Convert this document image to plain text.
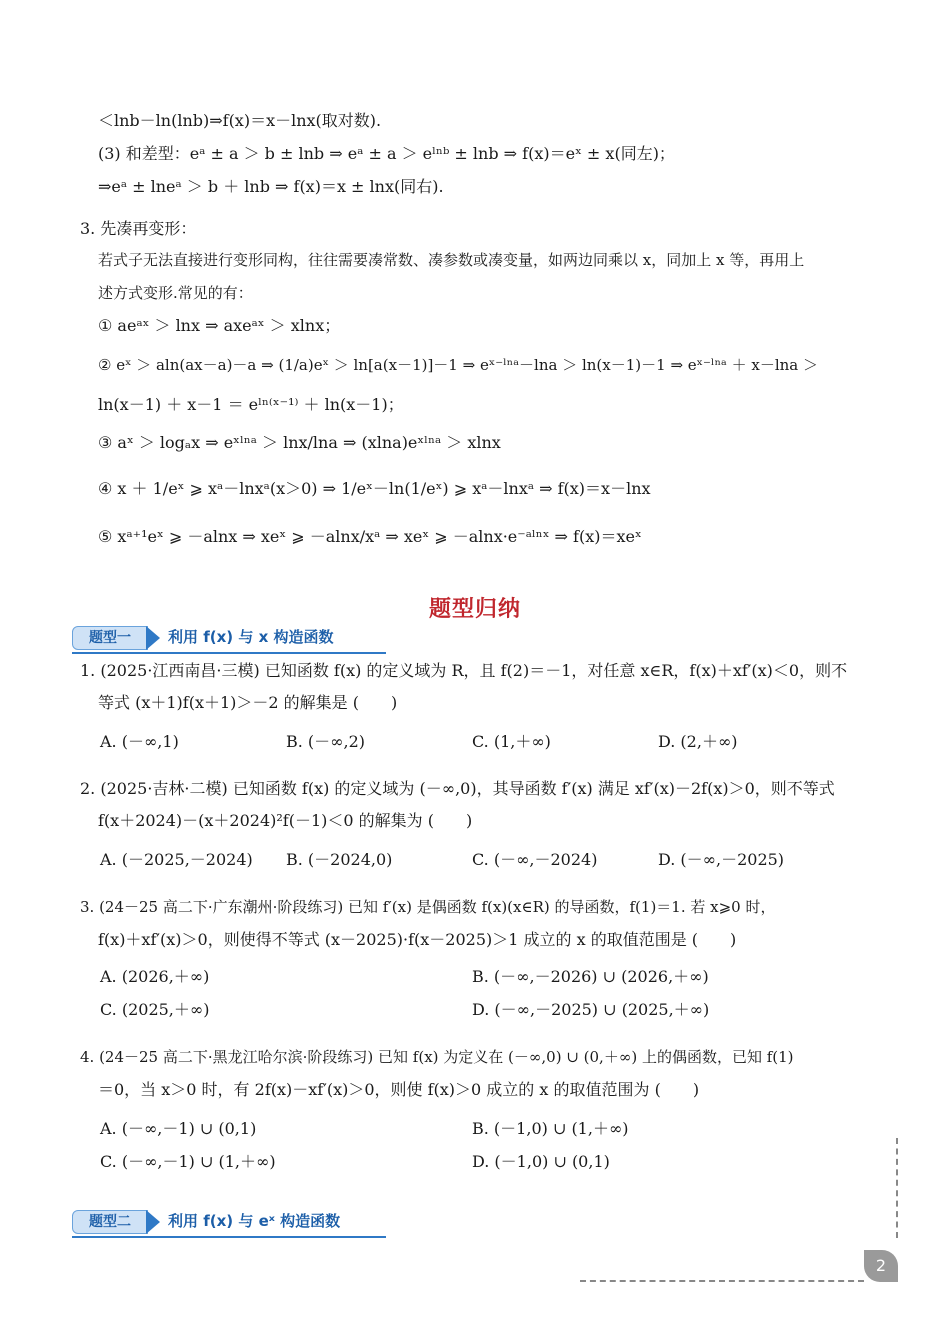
＜lnb－ln(lnb)⇒f(x)＝x－lnx(取对数).
(3) 和差型：eᵃ ± a ＞ b ± lnb ⇒ eᵃ ± a ＞ eˡⁿᵇ ± lnb ⇒ f(x)＝eˣ ± x(同左)；
⇒eᵃ ± lneᵃ ＞ b ＋ lnb ⇒ f(x)＝x ± lnx(同右).
3. 先凑再变形：
若式子无法直接进行变形同构，往往需要凑常数、凑参数或凑变量，如两边同乘以 x，同加上 x 等，再用上
述方式变形.常见的有：
① aeᵃˣ ＞ lnx ⇒ axeᵃˣ ＞ xlnx；
② eˣ ＞ aln(ax－a)－a ⇒ (1/a)eˣ ＞ ln[a(x－1)]－1 ⇒ eˣ⁻ˡⁿᵃ－lna ＞ ln(x－1)－1 ⇒ eˣ⁻ˡⁿᵃ ＋ x－lna ＞
ln(x－1) ＋ x－1 ＝ eˡⁿ⁽ˣ⁻¹⁾ ＋ ln(x－1)；
③ aˣ ＞ logₐx ⇒ eˣˡⁿᵃ ＞ lnx/lna ⇒ (xlna)eˣˡⁿᵃ ＞ xlnx
④ x ＋ 1/eˣ ⩾ xᵃ－lnxᵃ(x＞0) ⇒ 1/eˣ－ln(1/eˣ) ⩾ xᵃ－lnxᵃ ⇒ f(x)＝x－lnx
⑤ xᵃ⁺¹eˣ ⩾ －alnx ⇒ xeˣ ⩾ －alnx/xᵃ ⇒ xeˣ ⩾ －alnx·e⁻ᵃˡⁿˣ ⇒ f(x)＝xeˣ
题型归纳
题型一	利用 f(x) 与 x 构造函数
1. (2025·江西南昌·三模) 已知函数 f(x) 的定义域为 R，且 f(2)＝－1，对任意 x∈R，f(x)＋xf′(x)＜0，则不
等式 (x＋1)f(x＋1)＞－2 的解集是 (　　)
A. (－∞,1)	B. (－∞,2)	C. (1,＋∞)	D. (2,＋∞)
2. (2025·吉林·二模) 已知函数 f(x) 的定义域为 (－∞,0)，其导函数 f′(x) 满足 xf′(x)－2f(x)＞0，则不等式
f(x＋2024)－(x＋2024)²f(－1)＜0 的解集为 (　　)
A. (－2025,－2024) B. (－2024,0)	C. (－∞,－2024)	D. (－∞,－2025)
3. (24－25 高二下·广东潮州·阶段练习) 已知 f′(x) 是偶函数 f(x)(x∈R) 的导函数，f(1)＝1. 若 x⩾0 时，
f(x)＋xf′(x)＞0，则使得不等式 (x－2025)·f(x－2025)＞1 成立的 x 的取值范围是 (　　)
A. (2026,＋∞)	B. (－∞,－2026) ∪ (2026,＋∞)
C. (2025,＋∞)	D. (－∞,－2025) ∪ (2025,＋∞)
4. (24－25 高二下·黑龙江哈尔滨·阶段练习) 已知 f(x) 为定义在 (－∞,0) ∪ (0,＋∞) 上的偶函数，已知 f(1)
＝0，当 x＞0 时，有 2f(x)－xf′(x)＞0，则使 f(x)＞0 成立的 x 的取值范围为 (　　)
A. (－∞,－1) ∪ (0,1)	B. (－1,0) ∪ (1,＋∞)
C. (－∞,－1) ∪ (1,＋∞)	D. (－1,0) ∪ (0,1)
题型二	利用 f(x) 与 eˣ 构造函数
2
